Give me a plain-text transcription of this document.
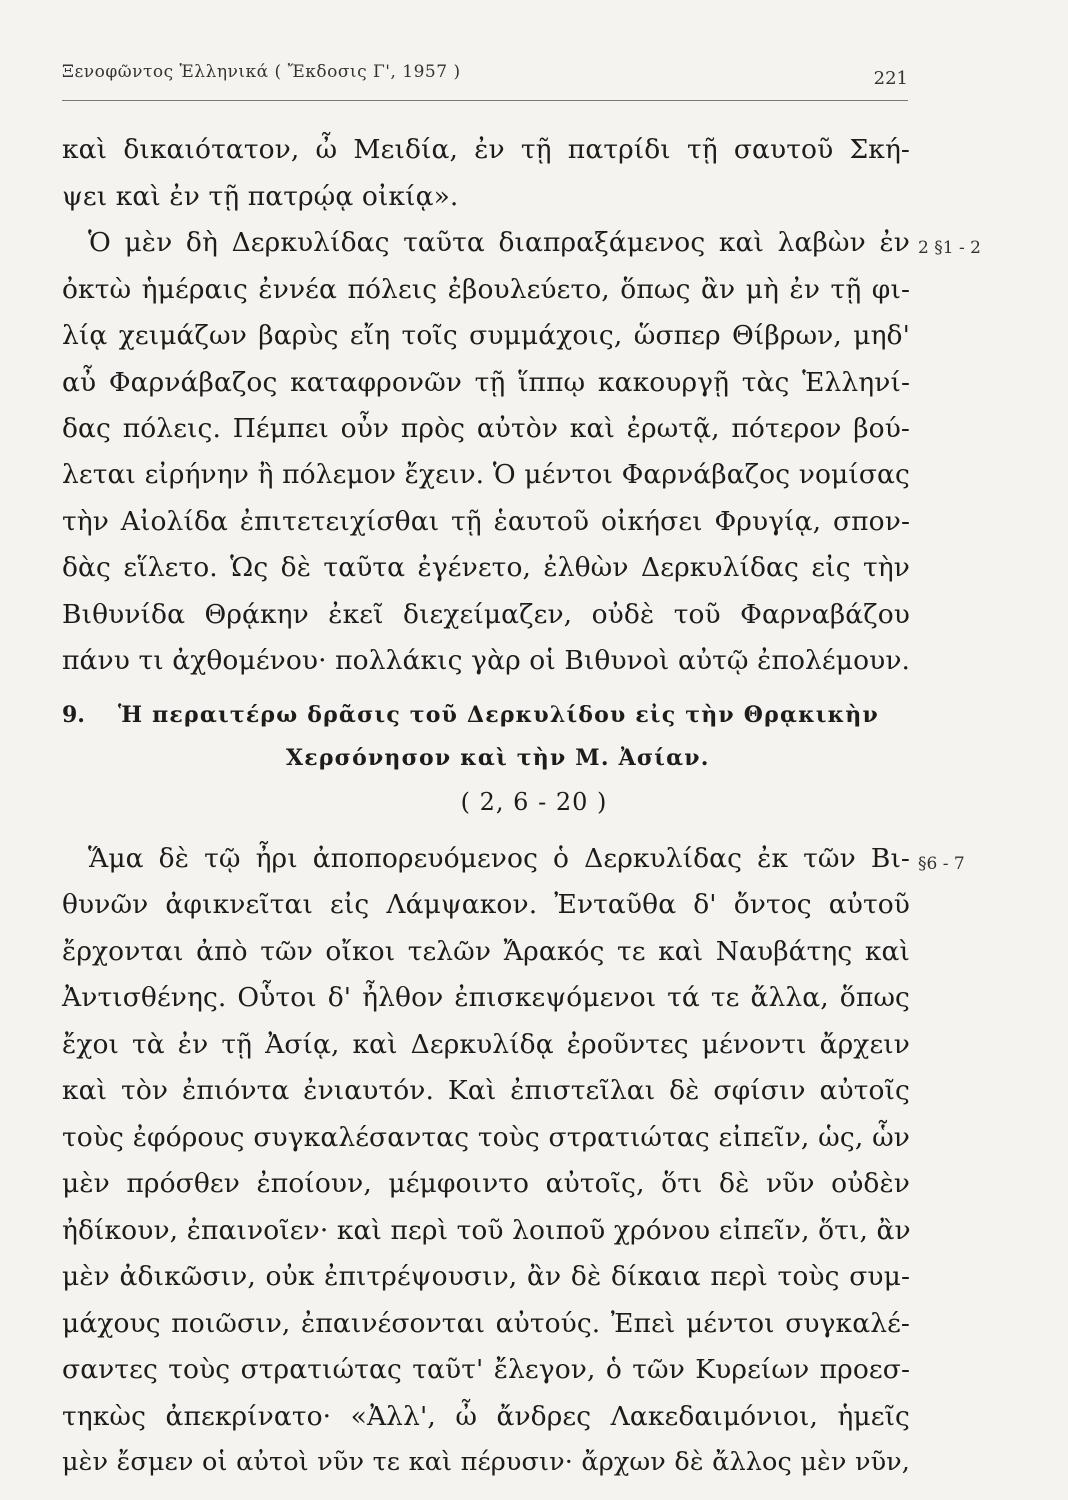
Ξενοφῶντος Ἑλληνικά ( Ἔκδοσις Γ', 1957 )	221
καὶ δικαιότατον, ὦ Μειδία, ἐν τῇ πατρίδι τῇ σαυτοῦ Σκή-
ψει καὶ ἐν τῇ πατρῴᾳ οἰκίᾳ».
Ὁ μὲν δὴ Δερκυλίδας ταῦτα διαπραξάμενος καὶ λαβὼν ἐν
ὀκτὼ ἡμέραις ἐννέα πόλεις ἐβουλεύετο, ὅπως ἂν μὴ ἐν τῇ φι-
λίᾳ χειμάζων βαρὺς εἴη τοῖς συμμάχοις, ὥσπερ Θίβρων, μηδ'
αὖ Φαρνάβαζος καταφρονῶν τῇ ἵππῳ κακουργῇ τὰς Ἑλληνί-
δας πόλεις. Πέμπει οὖν πρὸς αὐτὸν καὶ ἐρωτᾷ, πότερον βού-
λεται εἰρήνην ἢ πόλεμον ἔχειν. Ὁ μέντοι Φαρνάβαζος νομίσας
τὴν Αἰολίδα ἐπιτετειχίσθαι τῇ ἑαυτοῦ οἰκήσει Φρυγίᾳ, σπον-
δὰς εἵλετο. Ὡς δὲ ταῦτα ἐγένετο, ἐλθὼν Δερκυλίδας εἰς τὴν
Βιθυνίδα Θρᾴκην ἐκεῖ διεχείμαζεν, οὐδὲ τοῦ Φαρναβάζου
πάνυ τι ἀχθομένου· πολλάκις γὰρ οἱ Βιθυνοὶ αὐτῷ ἐπολέμουν.
2 §1 - 2
9. Ἡ περαιτέρω δρᾶσις τοῦ Δερκυλίδου εἰς τὴν Θρᾳκικὴν
Χερσόνησον καὶ τὴν Μ. Ἀσίαν.
( 2, 6 - 20 )
Ἅμα δὲ τῷ ἦρι ἀποπορευόμενος ὁ Δερκυλίδας ἐκ τῶν Βι-
θυνῶν ἀφικνεῖται εἰς Λάμψακον. Ἐνταῦθα δ' ὄντος αὐτοῦ
ἔρχονται ἀπὸ τῶν οἴκοι τελῶν Ἄρακός τε καὶ Ναυβάτης καὶ
Ἀντισθένης. Οὗτοι δ' ἦλθον ἐπισκεψόμενοι τά τε ἄλλα, ὅπως
ἔχοι τὰ ἐν τῇ Ἀσίᾳ, καὶ Δερκυλίδᾳ ἐροῦντες μένοντι ἄρχειν
καὶ τὸν ἐπιόντα ἐνιαυτόν. Καὶ ἐπιστεῖλαι δὲ σφίσιν αὐτοῖς
τοὺς ἐφόρους συγκαλέσαντας τοὺς στρατιώτας εἰπεῖν, ὡς, ὧν
μὲν πρόσθεν ἐποίουν, μέμφοιντο αὐτοῖς, ὅτι δὲ νῦν οὐδὲν
ἠδίκουν, ἐπαινοῖεν· καὶ περὶ τοῦ λοιποῦ χρόνου εἰπεῖν, ὅτι, ἂν
μὲν ἀδικῶσιν, οὐκ ἐπιτρέψουσιν, ἂν δὲ δίκαια περὶ τοὺς συμ-
μάχους ποιῶσιν, ἐπαινέσονται αὐτούς. Ἐπεὶ μέντοι συγκαλέ-
σαντες τοὺς στρατιώτας ταῦτ' ἔλεγον, ὁ τῶν Κυρείων προεσ-
τηκὼς ἀπεκρίνατο· «Ἀλλ', ὦ ἄνδρες Λακεδαιμόνιοι, ἡμεῖς
μὲν ἔσμεν οἱ αὐτοὶ νῦν τε καὶ πέρυσιν· ἄρχων δὲ ἄλλος μὲν νῦν,
§6 - 7
